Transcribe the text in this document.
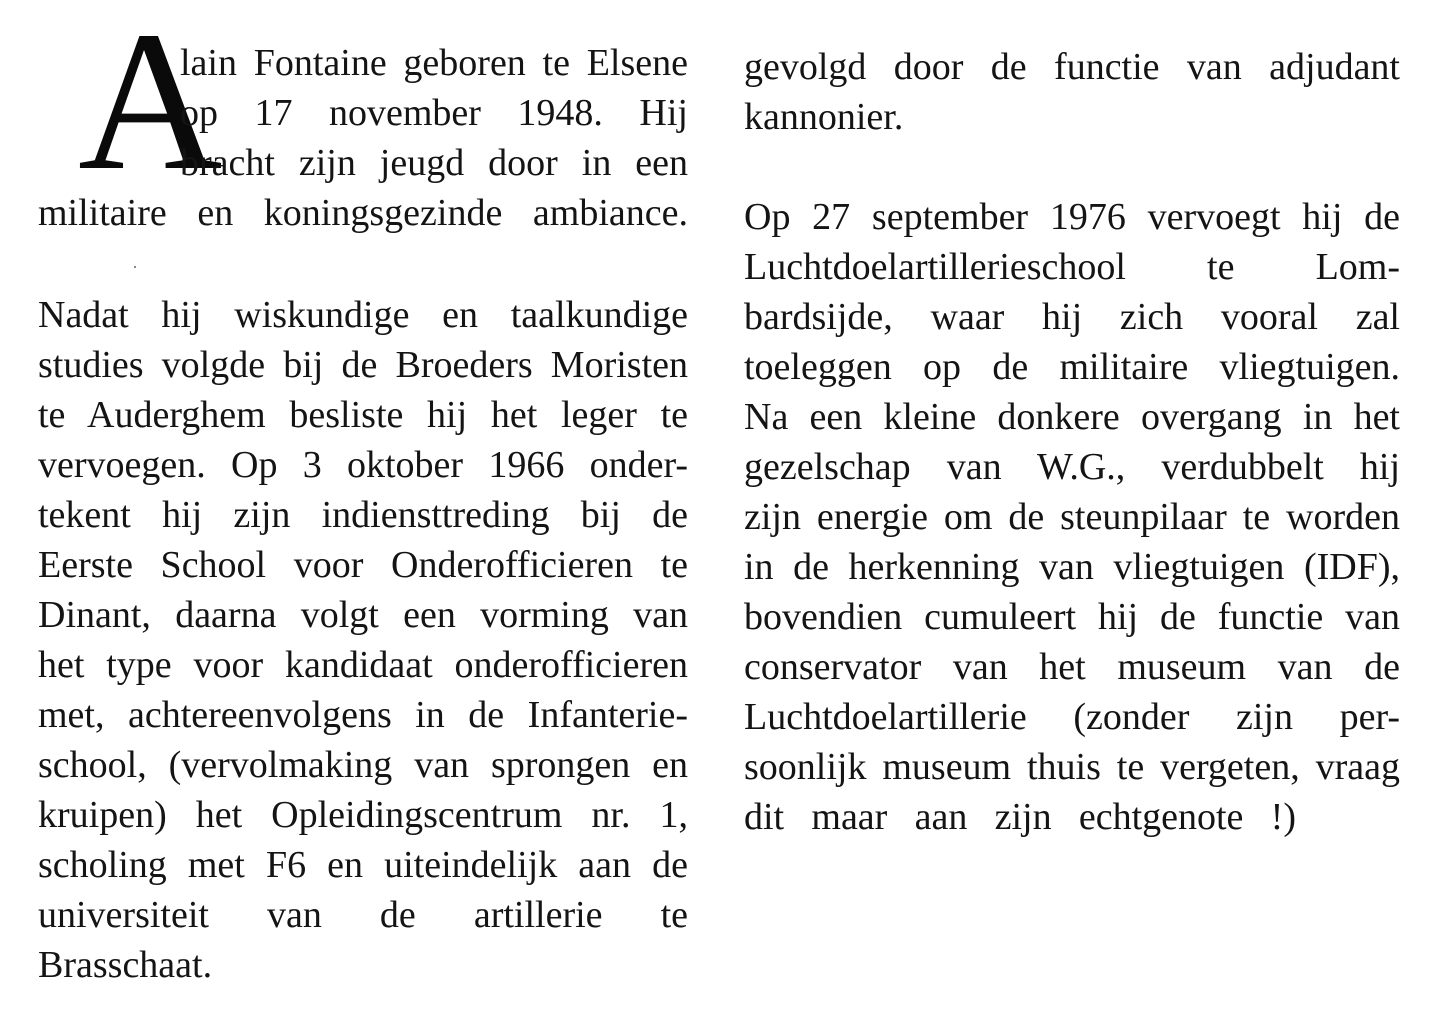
A
lain Fontaine geboren te Elsene
op 17 november 1948. Hij
bracht zijn jeugd door in een
militaire en koningsgezinde ambiance.
Nadat hij wiskundige en taalkundige
studies volgde bij de Broeders Moristen
te Auderghem besliste hij het leger te
vervoegen. Op 3 oktober 1966 onder-
tekent hij zijn indiensttreding bij de
Eerste School voor Onderofficieren te
Dinant, daarna volgt een vorming van
het type voor kandidaat onderofficieren
met, achtereenvolgens in de Infanterie-
school, (vervolmaking van sprongen en
kruipen) het Opleidingscentrum nr. 1,
scholing met F6 en uiteindelijk aan de
universiteit van de artillerie te
Brasschaat.
gevolgd door de functie van adjudant
kannonier.
Op 27 september 1976 vervoegt hij de
Luchtdoelartillerieschool te Lom-
bardsijde, waar hij zich vooral zal
toeleggen op de militaire vliegtuigen.
Na een kleine donkere overgang in het
gezelschap van W.G., verdubbelt hij
zijn energie om de steunpilaar te worden
in de herkenning van vliegtuigen (IDF),
bovendien cumuleert hij de functie van
conservator van het museum van de
Luchtdoelartillerie (zonder zijn per-
soonlijk museum thuis te vergeten, vraag
dit maar aan zijn echtgenote !)
